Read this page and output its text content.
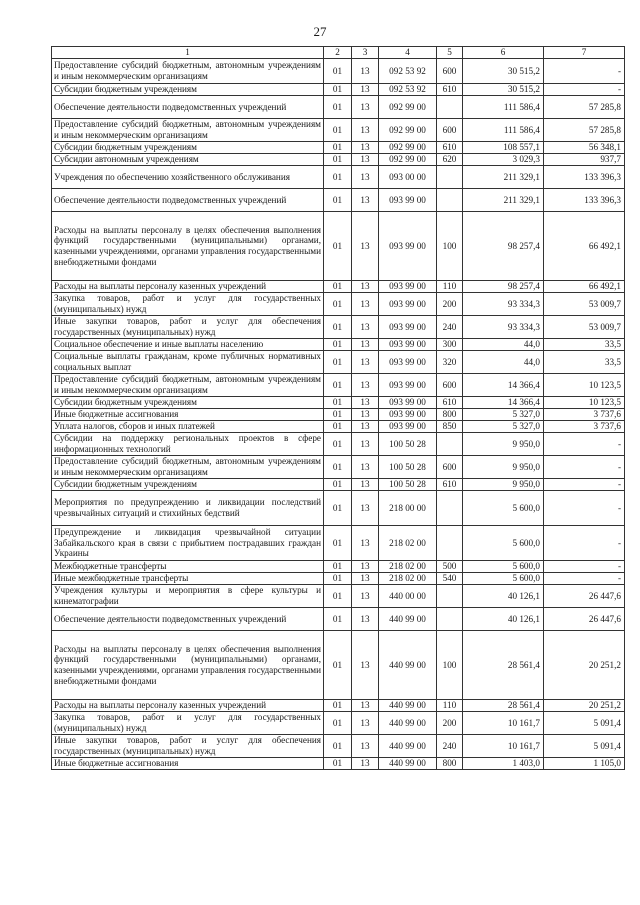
27
1	2	3	4	5	6	7
Предоставление субсидий бюджетным, автономным учреждениям и иным некоммерческим организациям	01	13	092 53 92	600	30 515,2	-
Субсидии бюджетным учреждениям	01	13	092 53 92	610	30 515,2	-
Обеспечение деятельности подведомственных учреждений	01	13	092 99 00		111 586,4	57 285,8
Предоставление субсидий бюджетным, автономным учреждениям и иным некоммерческим организациям	01	13	092 99 00	600	111 586,4	57 285,8
Субсидии бюджетным учреждениям	01	13	092 99 00	610	108 557,1	56 348,1
Субсидии автономным учреждениям	01	13	092 99 00	620	3 029,3	937,7
Учреждения по обеспечению хозяйственного обслуживания	01	13	093 00 00		211 329,1	133 396,3
Обеспечение деятельности подведомственных учреждений	01	13	093 99 00		211 329,1	133 396,3
Расходы на выплаты персоналу в целях обеспечения выполнения функций государственными (муниципальными) органами, казенными учреждениями, органами управления государственными внебюджетными фондами	01	13	093 99 00	100	98 257,4	66 492,1
Расходы на выплаты персоналу казенных учреждений	01	13	093 99 00	110	98 257,4	66 492,1
Закупка товаров, работ и услуг для государственных (муниципальных) нужд	01	13	093 99 00	200	93 334,3	53 009,7
Иные закупки товаров, работ и услуг для обеспечения государственных (муниципальных) нужд	01	13	093 99 00	240	93 334,3	53 009,7
Социальное обеспечение и иные выплаты населению	01	13	093 99 00	300	44,0	33,5
Социальные выплаты гражданам, кроме публичных нормативных социальных выплат	01	13	093 99 00	320	44,0	33,5
Предоставление субсидий бюджетным, автономным учреждениям и иным некоммерческим организациям	01	13	093 99 00	600	14 366,4	10 123,5
Субсидии бюджетным учреждениям	01	13	093 99 00	610	14 366,4	10 123,5
Иные бюджетные ассигнования	01	13	093 99 00	800	5 327,0	3 737,6
Уплата налогов, сборов и иных платежей	01	13	093 99 00	850	5 327,0	3 737,6
Субсидии на поддержку региональных проектов в сфере информационных технологий	01	13	100 50 28		9 950,0	-
Предоставление субсидий бюджетным, автономным учреждениям и иным некоммерческим организациям	01	13	100 50 28	600	9 950,0	-
Субсидии бюджетным учреждениям	01	13	100 50 28	610	9 950,0	-
Мероприятия по предупреждению и ликвидации последствий чрезвычайных ситуаций и стихийных бедствий	01	13	218 00 00		5 600,0	-
Предупреждение и ликвидация чрезвычайной ситуации Забайкальского края в связи с прибытием пострадавших граждан Украины	01	13	218 02 00		5 600,0	-
Межбюджетные трансферты	01	13	218 02 00	500	5 600,0	-
Иные межбюджетные трансферты	01	13	218 02 00	540	5 600,0	-
Учреждения культуры и мероприятия в сфере культуры и кинематографии	01	13	440 00 00		40 126,1	26 447,6
Обеспечение деятельности подведомственных учреждений	01	13	440 99 00		40 126,1	26 447,6
Расходы на выплаты персоналу в целях обеспечения выполнения функций государственными (муниципальными) органами, казенными учреждениями, органами управления государственными внебюджетными фондами	01	13	440 99 00	100	28 561,4	20 251,2
Расходы на выплаты персоналу казенных учреждений	01	13	440 99 00	110	28 561,4	20 251,2
Закупка товаров, работ и услуг для государственных (муниципальных) нужд	01	13	440 99 00	200	10 161,7	5 091,4
Иные закупки товаров, работ и услуг для обеспечения государственных (муниципальных) нужд	01	13	440 99 00	240	10 161,7	5 091,4
Иные бюджетные ассигнования	01	13	440 99 00	800	1 403,0	1 105,0
